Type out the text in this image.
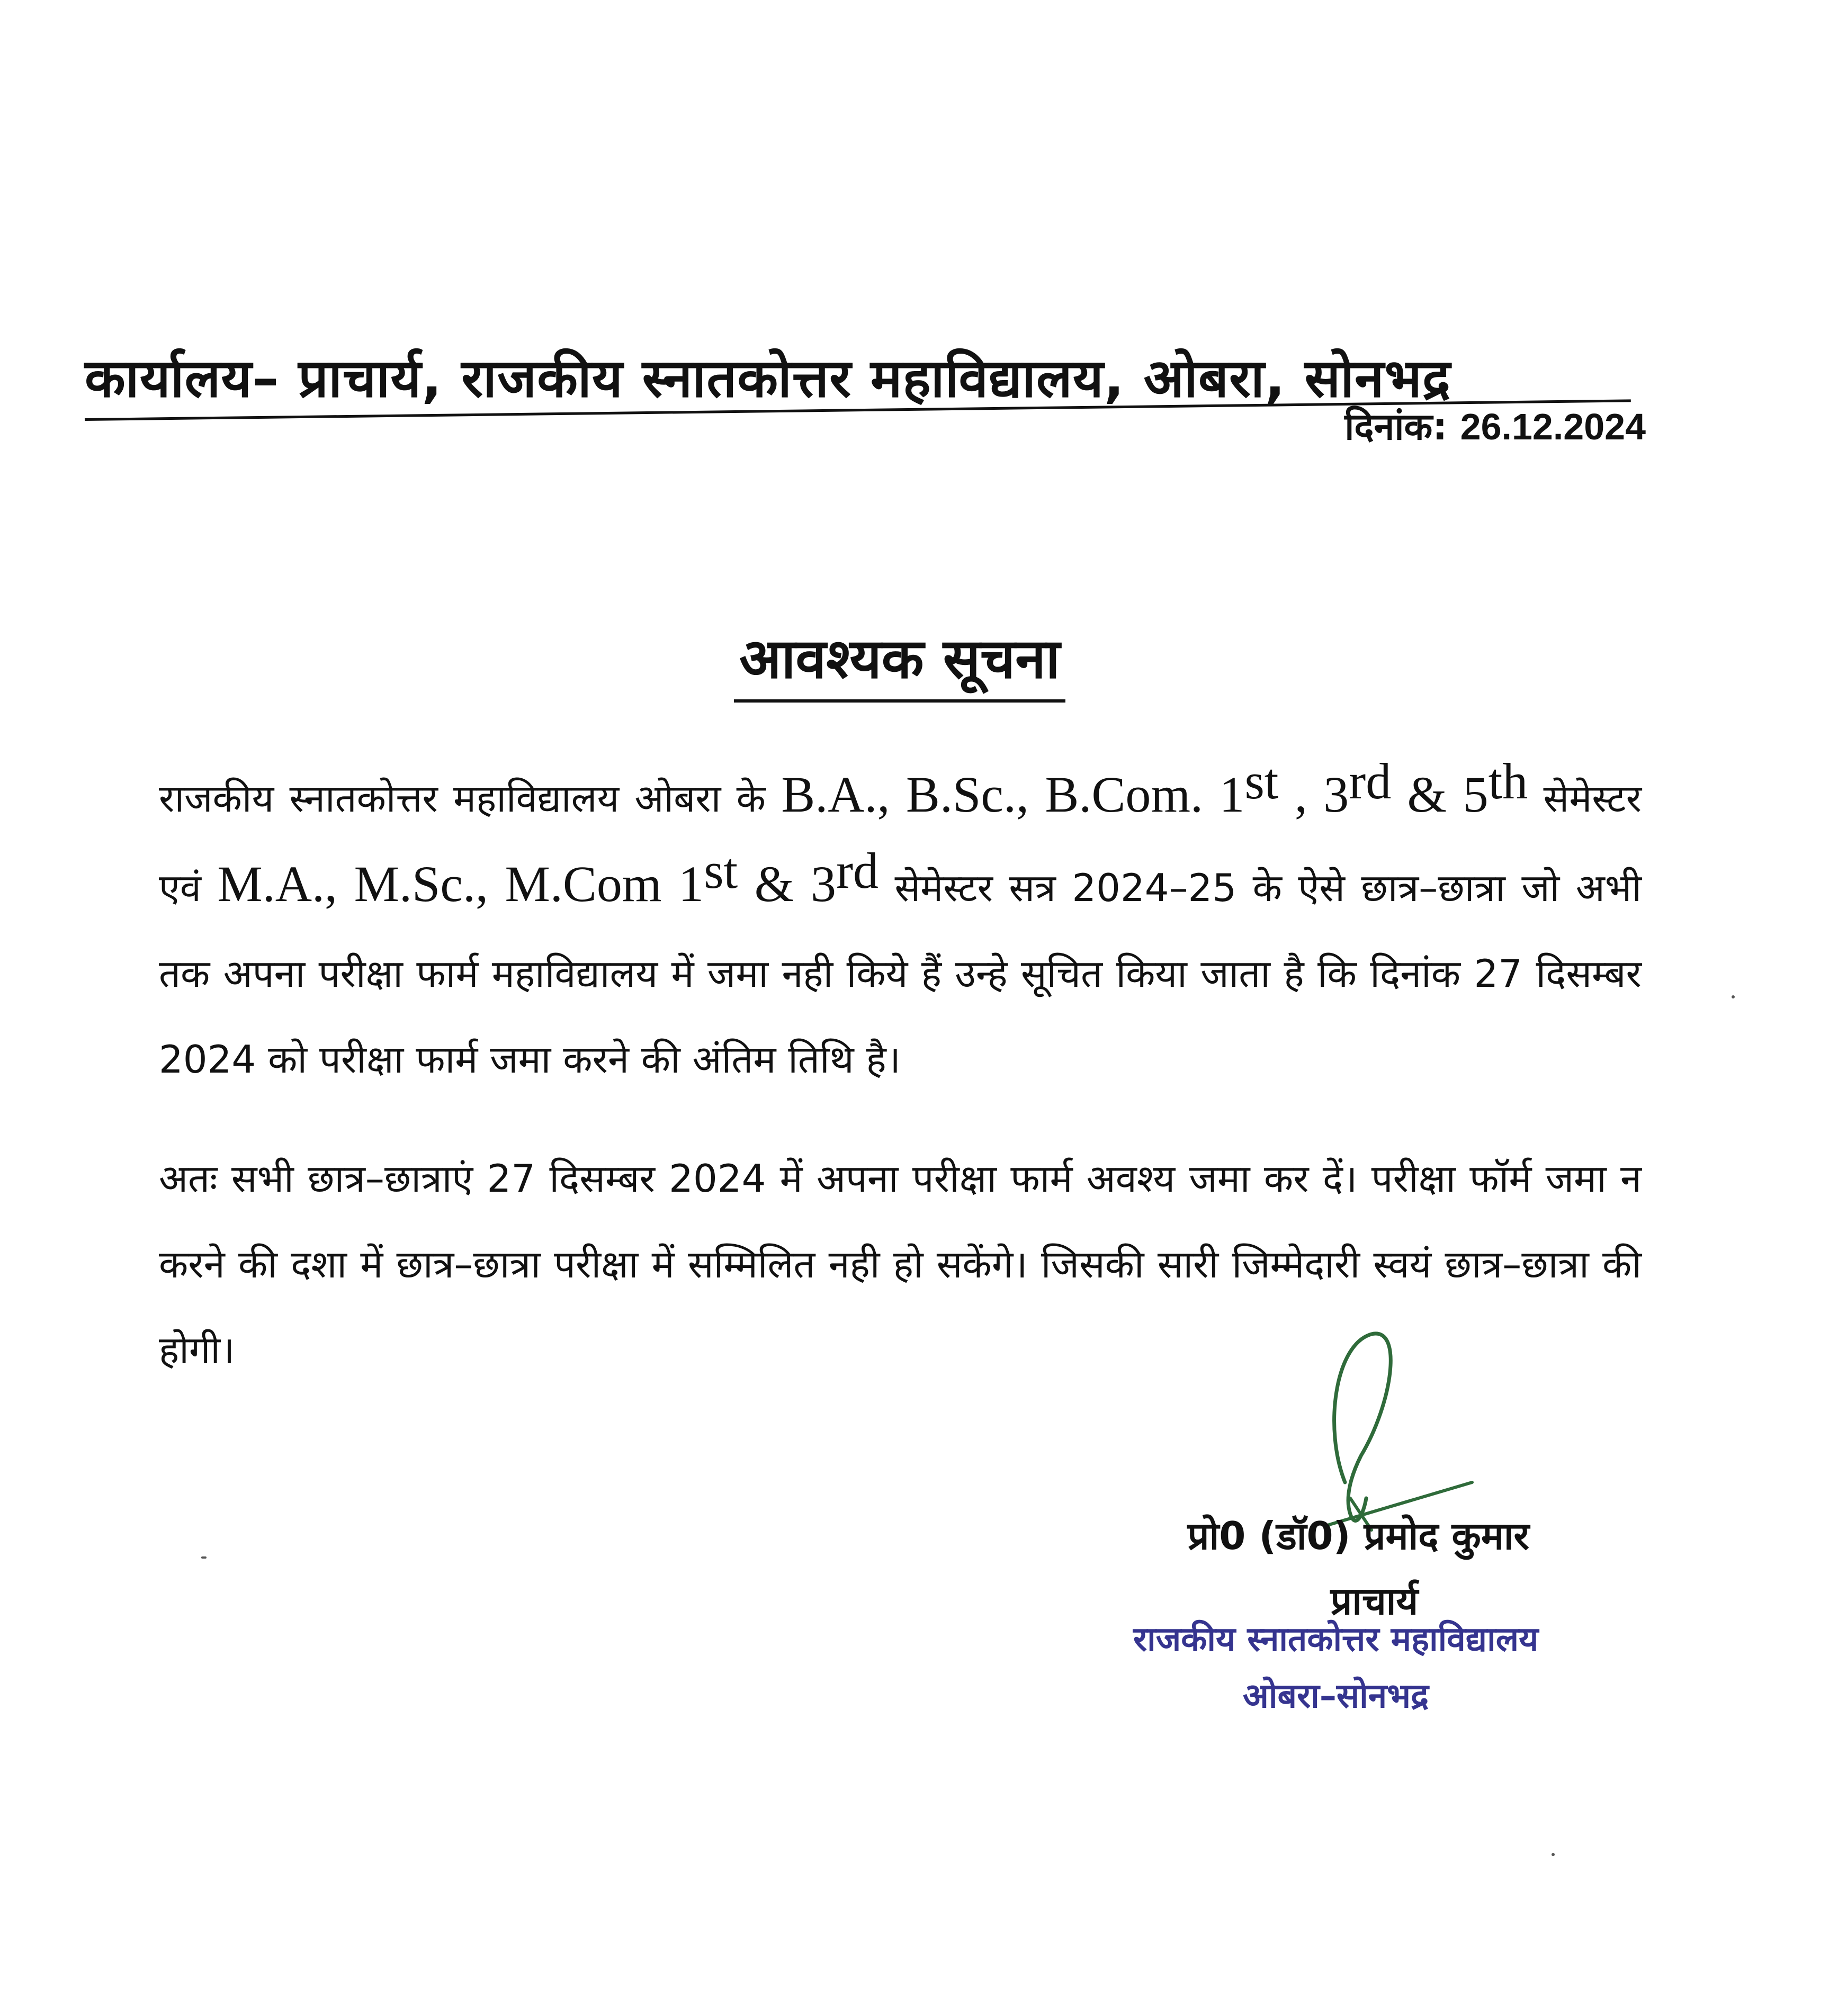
कार्यालय– प्राचार्य, राजकीय स्नातकोत्तर महाविद्यालय, ओबरा, सोनभद्र
दिनांक: 26.12.2024
आवश्यक सूचना
राजकीय स्नातकोत्तर महाविद्यालय ओबरा के B.A., B.Sc., B.Com. 1st , 3rd & 5th सेमेस्टर एवं M.A., M.Sc., M.Com 1st & 3rd सेमेस्टर सत्र 2024–25 के ऐसे छात्र–छात्रा जो अभी तक अपना परीक्षा फार्म महाविद्यालय में जमा नही किये हैं उन्हे सूचित किया जाता है कि दिनांक 27 दिसम्बर 2024 को परीक्षा फार्म जमा करने की अंतिम तिथि है।
अतः सभी छात्र–छात्राएं 27 दिसम्बर 2024 में अपना परीक्षा फार्म अवश्य जमा कर दें। परीक्षा फॉर्म जमा न करने की दशा में छात्र–छात्रा परीक्षा में सम्मिलित नही हो सकेंगे। जिसकी सारी जिम्मेदारी स्वयं छात्र–छात्रा की होगी।
प्रो0 (डॉ0) प्रमोद कुमार
प्राचार्य
राजकीय स्नातकोत्तर महाविद्यालय
ओबरा–सोनभद्र
